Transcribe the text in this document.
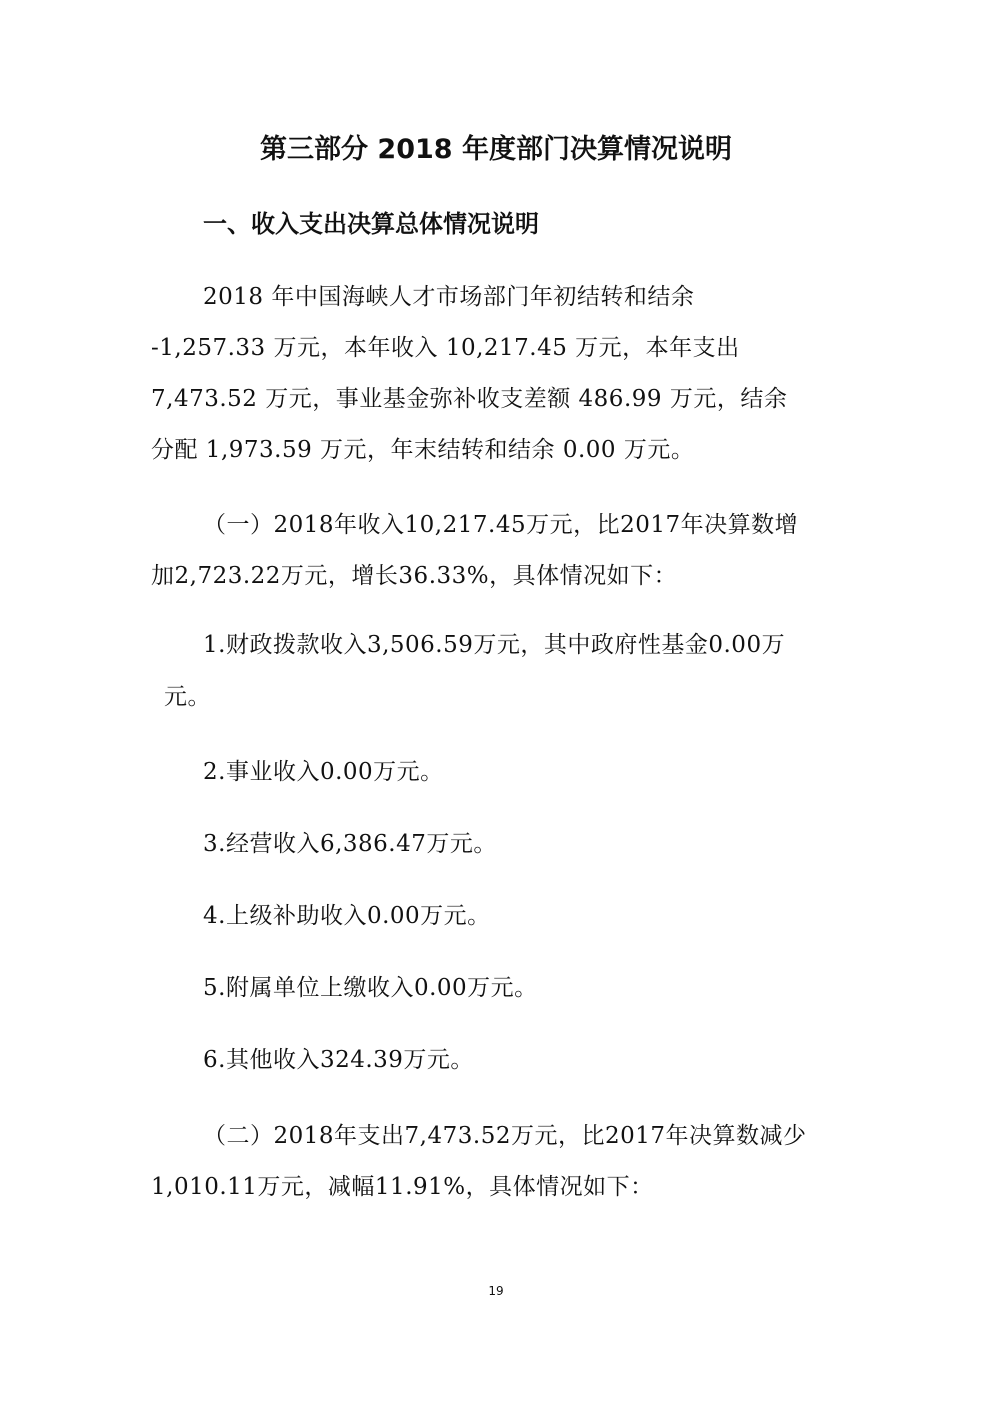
第三部分 2018 年度部门决算情况说明
一、收入支出决算总体情况说明
2018 年中国海峡人才市场部门年初结转和结余
-1,257.33 万元，本年收入 10,217.45 万元，本年支出
7,473.52 万元，事业基金弥补收支差额 486.99 万元，结余
分配 1,973.59 万元，年末结转和结余 0.00 万元。
（一）2018年收入10,217.45万元，比2017年决算数增
加2,723.22万元，增长36.33%，具体情况如下：
1.财政拨款收入3,506.59万元，其中政府性基金0.00万
元。
2.事业收入0.00万元。
3.经营收入6,386.47万元。
4.上级补助收入0.00万元。
5.附属单位上缴收入0.00万元。
6.其他收入324.39万元。
（二）2018年支出7,473.52万元，比2017年决算数减少
1,010.11万元，减幅11.91%，具体情况如下：
19
